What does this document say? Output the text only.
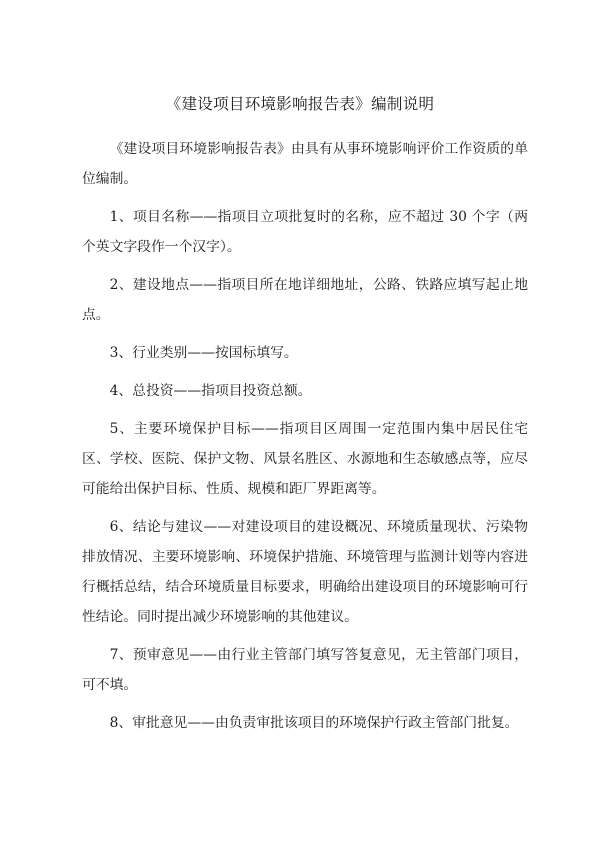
《建设项目环境影响报告表》编制说明

《建设项目环境影响报告表》由具有从事环境影响评价工作资质的单位编制。

1、项目名称——指项目立项批复时的名称，应不超过 30 个字（两个英文字段作一个汉字）。

2、建设地点——指项目所在地详细地址，公路、铁路应填写起止地点。

3、行业类别——按国标填写。

4、总投资——指项目投资总额。

5、主要环境保护目标——指项目区周围一定范围内集中居民住宅区、学校、医院、保护文物、风景名胜区、水源地和生态敏感点等，应尽可能给出保护目标、性质、规模和距厂界距离等。

6、结论与建议——对建设项目的建设概况、环境质量现状、污染物排放情况、主要环境影响、环境保护措施、环境管理与监测计划等内容进行概括总结，结合环境质量目标要求，明确给出建设项目的环境影响可行性结论。同时提出减少环境影响的其他建议。

7、预审意见——由行业主管部门填写答复意见，无主管部门项目，可不填。

8、审批意见——由负责审批该项目的环境保护行政主管部门批复。
